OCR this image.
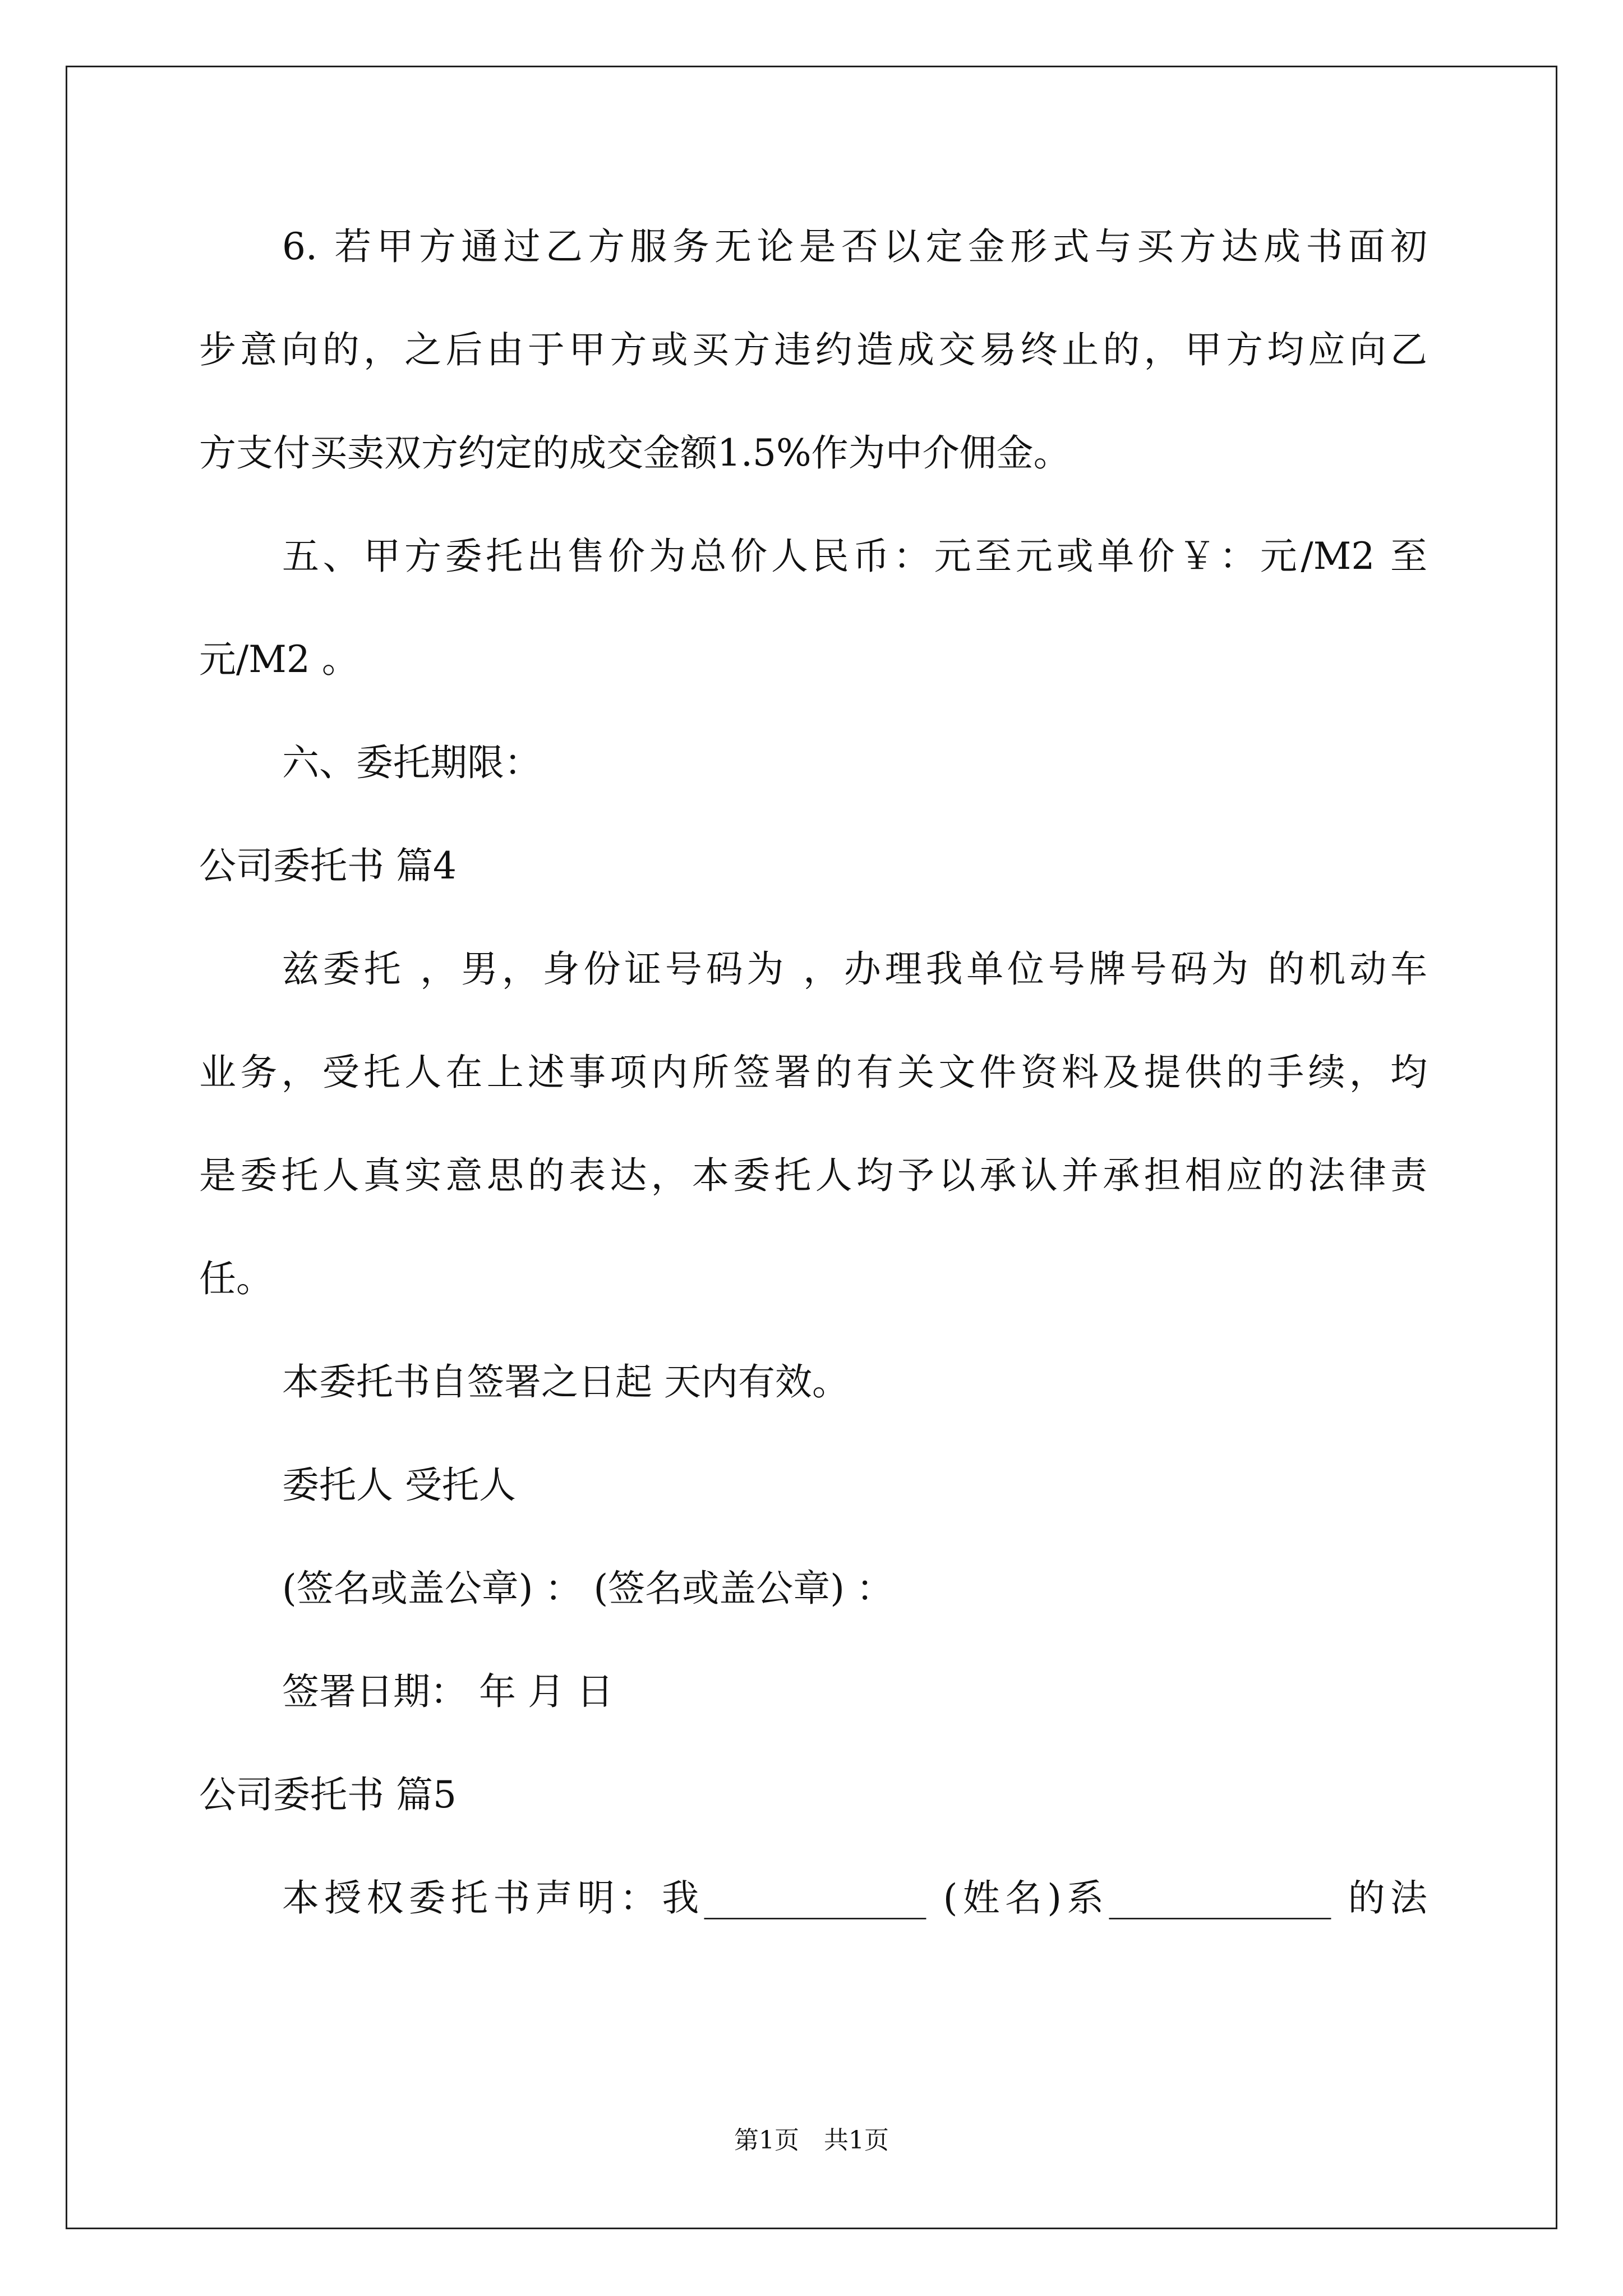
6. 若甲方通过乙方服务无论是否以定金形式与买方达成书面初
步意向的，之后由于甲方或买方违约造成交易终止的，甲方均应向乙
方支付买卖双方约定的成交金额1.5%作为中介佣金。
五、甲方委托出售价为总价人民币：元至元或单价￥：元/M2 至
元/M2 。
六、委托期限：
公司委托书 篇4
兹委托 ，男，身份证号码为 ，办理我单位号牌号码为 的机动车
业务，受托人在上述事项内所签署的有关文件资料及提供的手续，均
是委托人真实意思的表达，本委托人均予以承认并承担相应的法律责
任。
本委托书自签署之日起 天内有效。
委托人 受托人
(签名或盖公章) ： (签名或盖公章) ：
签署日期： 年 月 日
公司委托书 篇5
本授权委托书声明：我____________ (姓名)系____________ 的法
第1页　共1页
